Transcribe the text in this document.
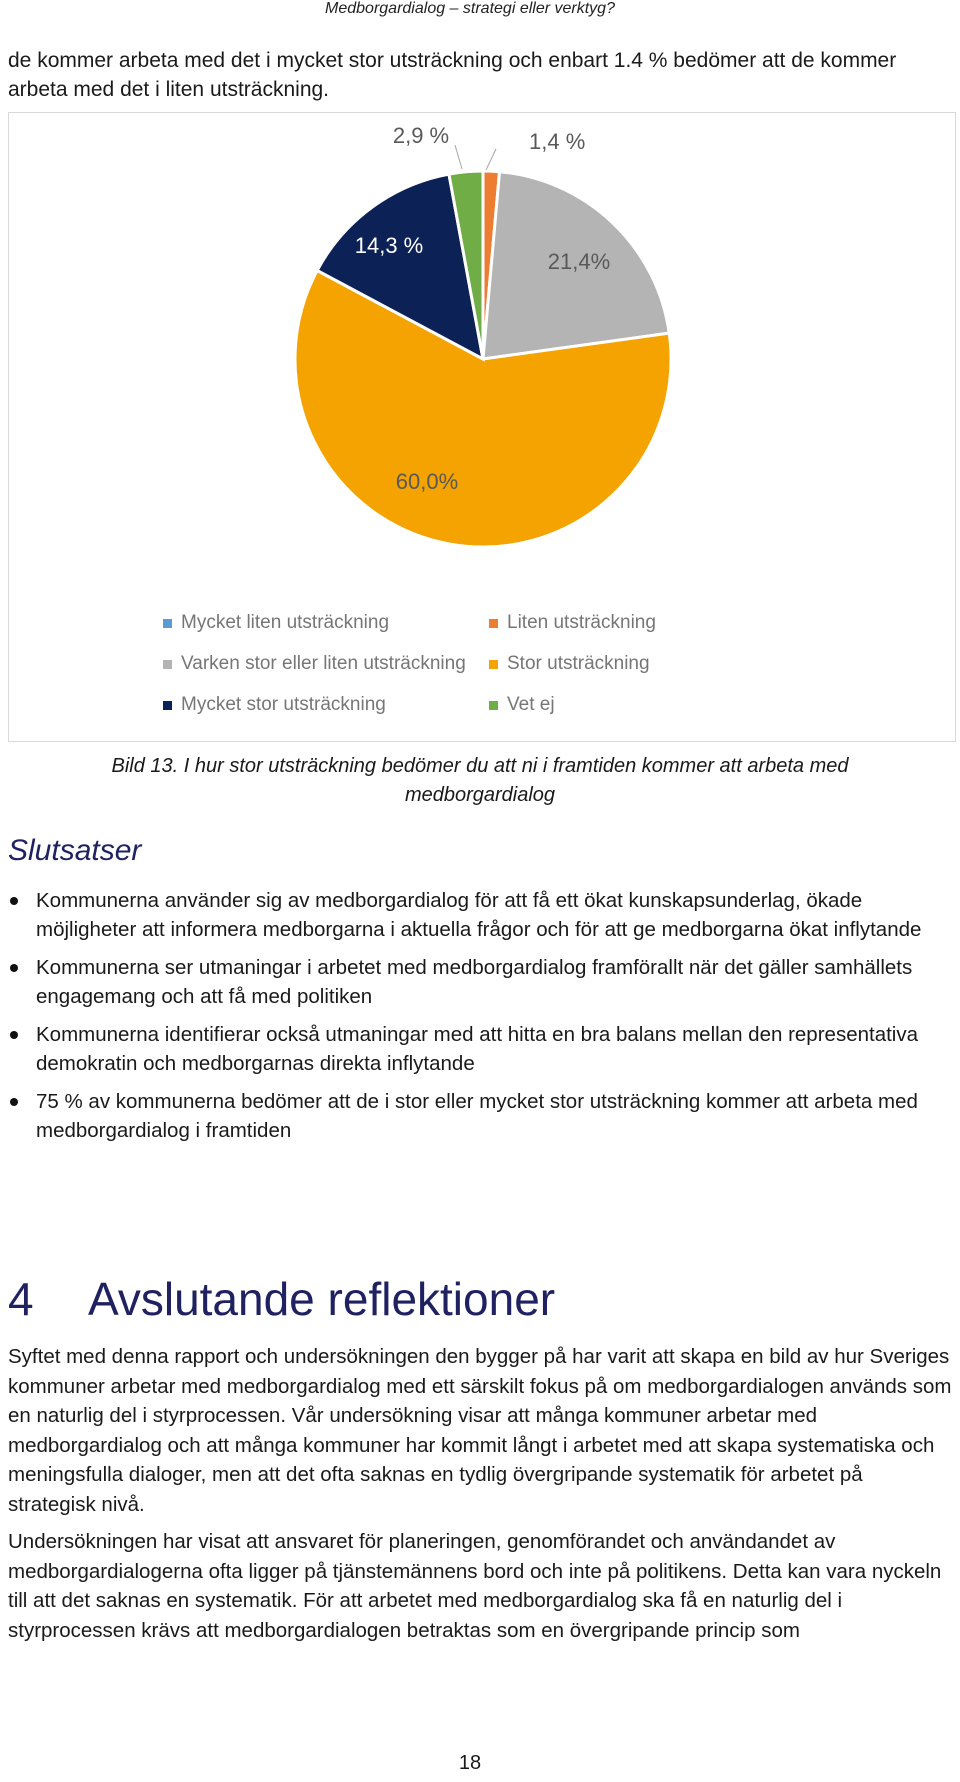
Medborgardialog – strategi eller verktyg?
de kommer arbeta med det i mycket stor utsträckning och enbart 1.4 % bedömer att de kommer arbeta med det i liten utsträckning.
1,4 %
21,4%
60,0%
14,3 %
2,9 %
Mycket liten utsträckning	Liten utsträckning
Varken stor eller liten utsträckning Stor utsträckning
Mycket stor utsträckning	Vet ej
Bild 13. I hur stor utsträckning bedömer du att ni i framtiden kommer att arbeta med medborgardialog
Slutsatser
Kommunerna använder sig av medborgardialog för att få ett ökat kunskapsunderlag, ökade möjligheter att informera medborgarna i aktuella frågor och för att ge medborgarna ökat inflytande
Kommunerna ser utmaningar i arbetet med medborgardialog framförallt när det gäller samhällets engagemang och att få med politiken
Kommunerna identifierar också utmaningar med att hitta en bra balans mellan den representativa demokratin och medborgarnas direkta inflytande
75 % av kommunerna bedömer att de i stor eller mycket stor utsträckning kommer att arbeta med medborgardialog i framtiden
4	Avslutande reflektioner

Syftet med denna rapport och undersökningen den bygger på har varit att skapa en bild av hur Sveriges kommuner arbetar med medborgardialog med ett särskilt fokus på om medborgardialogen används som en naturlig del i styrprocessen. Vår undersökning visar att många kommuner arbetar med medborgardialog och att många kommuner har kommit långt i arbetet med att skapa systematiska och meningsfulla dialoger, men att det ofta saknas en tydlig övergripande systematik för arbetet på strategisk nivå.

Undersökningen har visat att ansvaret för planeringen, genomförandet och användandet av medborgardialogerna ofta ligger på tjänstemännens bord och inte på politikens. Detta kan vara nyckeln till att det saknas en systematik. För att arbetet med medborgardialog ska få en naturlig del i styrprocessen krävs att medborgardialogen betraktas som en övergripande princip som

18
